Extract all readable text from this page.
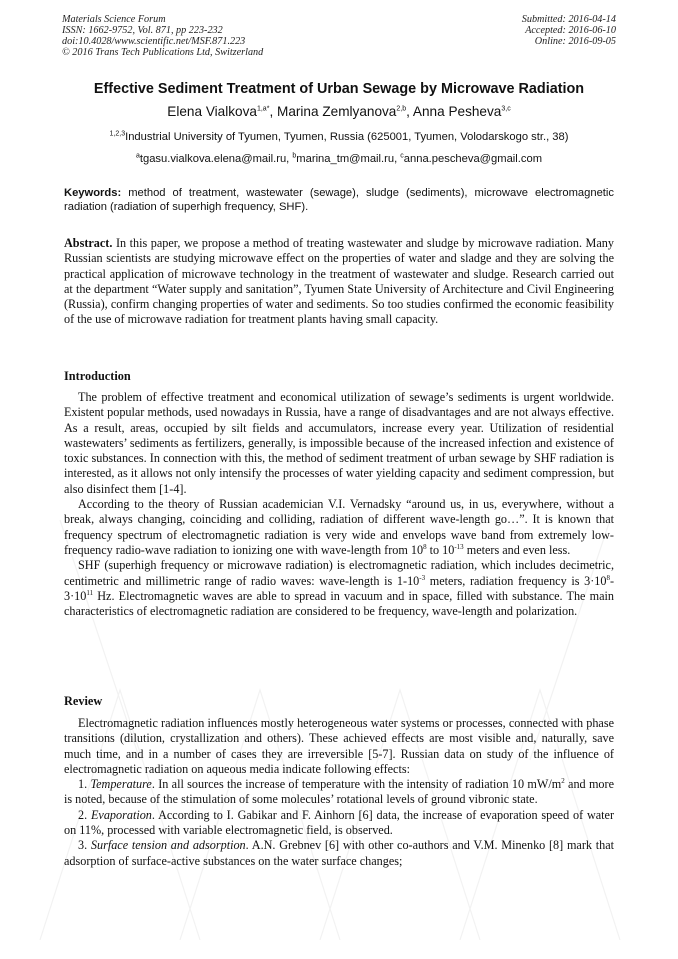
Materials Science Forum
ISSN: 1662-9752, Vol. 871, pp 223-232
doi:10.4028/www.scientific.net/MSF.871.223
© 2016 Trans Tech Publications Ltd, Switzerland
Submitted: 2016-04-14
Accepted: 2016-06-10
Online: 2016-09-05
Effective Sediment Treatment of Urban Sewage by Microwave Radiation
Elena Vialkova$^{1,a*}$, Marina Zemlyanova$^{2,b}$, Anna Pesheva$^{3,c}$
$^{1,2,3}$Industrial University of Tyumen, Tyumen, Russia (625001, Tyumen, Volodarskogo str., 38)
$^a$tgasu.vialkova.elena@mail.ru, $^b$marina_tm@mail.ru, $^c$anna.pescheva@gmail.com
Keywords: method of treatment, wastewater (sewage), sludge (sediments), microwave electromagnetic radiation (radiation of superhigh frequency, SHF).
Abstract. In this paper, we propose a method of treating wastewater and sludge by microwave radiation. Many Russian scientists are studying microwave effect on the properties of water and sladge and they are solving the practical application of microwave technology in the treatment of wastewater and sludge. Research carried out at the department “Water supply and sanitation”, Tyumen State University of Architecture and Civil Engineering (Russia), confirm changing properties of water and sediments. So too studies confirmed the economic feasibility of the use of microwave radiation for treatment plants having small capacity.
Introduction

The problem of effective treatment and economical utilization of sewage’s sediments is urgent worldwide. Existent popular methods, used nowadays in Russia, have a range of disadvantages and are not always effective. As a result, areas, occupied by silt fields and accumulators, increase every year. Utilization of residential wastewaters’ sediments as fertilizers, generally, is impossible because of the increased infection and existence of toxic substances. In connection with this, the method of sediment treatment of urban sewage by SHF radiation is interested, as it allows not only intensify the processes of water yielding capacity and sediment compression, but also disinfect them [1-4].

According to the theory of Russian academician V.I. Vernadsky “around us, in us, everywhere, without a break, always changing, coinciding and colliding, radiation of different wave-length go…”. It is known that frequency spectrum of electromagnetic radiation is very wide and envelops wave band from extremely low-frequency radio-wave radiation to ionizing one with wave-length from $10^8$ to $10^{-13}$ meters and even less.

SHF (superhigh frequency or microwave radiation) is electromagnetic radiation, which includes decimetric, centimetric and millimetric range of radio waves: wave-length is $1-10^{-3}$ meters, radiation frequency is $3\cdot 10^8-3\cdot 10^{11}$ Hz. Electromagnetic waves are able to spread in vacuum and in space, filled with substance. The main characteristics of electromagnetic radiation are considered to be frequency, wave-length and polarization.

Review

Electromagnetic radiation influences mostly heterogeneous water systems or processes, connected with phase transitions (dilution, crystallization and others). These achieved effects are most visible and, naturally, save much time, and in a number of cases they are irreversible [5-7]. Russian data on study of the influence of electromagnetic radiation on aqueous media indicate following effects:

1. Temperature. In all sources the increase of temperature with the intensity of radiation 10 $mW/m^2$ and more is noted, because of the stimulation of some molecules’ rotational levels of ground vibronic state.

2. Evaporation. According to I. Gabikar and F. Ainhorn [6] data, the increase of evaporation speed of water on 11%, processed with variable electromagnetic field, is observed.

3. Surface tension and adsorption. A.N. Grebnev [6] with other co-authors and V.M. Minenko [8] mark that adsorption of surface-active substances on the water surface changes;
